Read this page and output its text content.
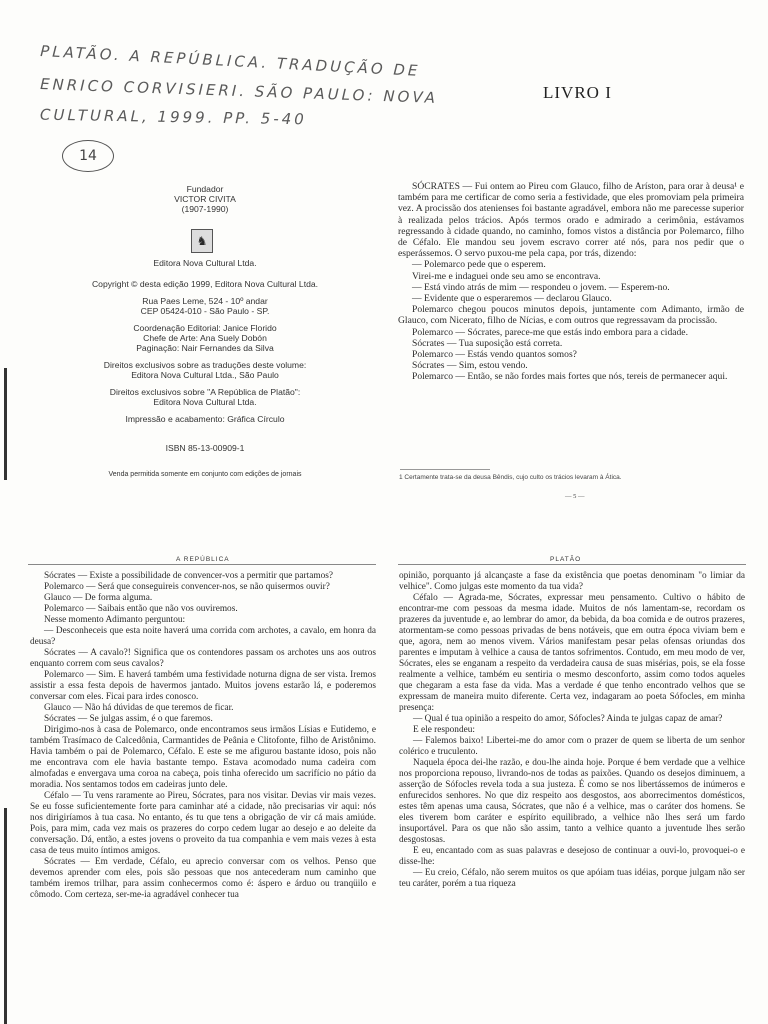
PLATÃO. A REPÚBLICA. TRADUÇÃO DE
ENRICO CORVISIERI. SÃO PAULO: NOVA
CULTURAL, 1999. PP. 5-40
14
Fundador
VICTOR CIVITA
(1907-1990)
♞
Editora Nova Cultural Ltda.
Copyright © desta edição 1999, Editora Nova Cultural Ltda.
Rua Paes Leme, 524 - 10º andar
CEP 05424-010 - São Paulo - SP.
Coordenação Editorial: Janice Florido
Chefe de Arte: Ana Suely Dobón
Paginação: Nair Fernandes da Silva
Direitos exclusivos sobre as traduções deste volume:
Editora Nova Cultural Ltda., São Paulo
Direitos exclusivos sobre "A República de Platão":
Editora Nova Cultural Ltda.
Impressão e acabamento: Gráfica Círculo
ISBN 85-13-00909-1
Venda permitida somente em conjunto com edições de jornais
LIVRO I

SÓCRATES — Fui ontem ao Pireu com Glauco, filho de Aríston, para orar à deusa¹ e também para me certificar de como seria a festividade, que eles promoviam pela primeira vez. A procissão dos atenienses foi bastante agradável, embora não me parecesse superior à realizada pelos trácios. Após termos orado e admirado a cerimônia, estávamos regressando à cidade quando, no caminho, fomos vistos a distância por Polemarco, filho de Céfalo. Ele mandou seu jovem escravo correr até nós, para nos pedir que o esperássemos. O servo puxou-me pela capa, por trás, dizendo:

— Polemarco pede que o esperem.

Virei-me e indaguei onde seu amo se encontrava.

— Está vindo atrás de mim — respondeu o jovem. — Esperem-no.

— Evidente que o esperaremos — declarou Glauco.

Polemarco chegou poucos minutos depois, juntamente com Adimanto, irmão de Glauco, com Nicerato, filho de Nícias, e com outros que regressavam da procissão.

Polemarco — Sócrates, parece-me que estás indo embora para a cidade.

Sócrates — Tua suposição está correta.

Polemarco — Estás vendo quantos somos?

Sócrates — Sim, estou vendo.

Polemarco — Então, se não fordes mais fortes que nós, tereis de permanecer aqui.

1 Certamente trata-se da deusa Bêndis, cujo culto os trácios levaram à Ática.
— 5 —
A REPÚBLICA

Sócrates — Existe a possibilidade de convencer-vos a permitir que partamos?

Polemarco — Será que conseguireis convencer-nos, se não quisermos ouvir?

Glauco — De forma alguma.

Polemarco — Saibais então que não vos ouviremos.

Nesse momento Adimanto perguntou:

— Desconheceis que esta noite haverá uma corrida com archotes, a cavalo, em honra da deusa?

Sócrates — A cavalo?! Significa que os contendores passam os archotes uns aos outros enquanto correm com seus cavalos?

Polemarco — Sim. E haverá também uma festividade noturna digna de ser vista. Iremos assistir a essa festa depois de havermos jantado. Muitos jovens estarão lá, e poderemos conversar com eles. Ficai para irdes conosco.

Glauco — Não há dúvidas de que teremos de ficar.

Sócrates — Se julgas assim, é o que faremos.

Dirigimo-nos à casa de Polemarco, onde encontramos seus irmãos Lísias e Eutidemo, e também Trasímaco de Calcedônia, Carmantides de Peânia e Clitofonte, filho de Aristônimo. Havia também o pai de Polemarco, Céfalo. E este se me afigurou bastante idoso, pois não me encontrava com ele havia bastante tempo. Estava acomodado numa cadeira com almofadas e envergava uma coroa na cabeça, pois tinha oferecido um sacrifício no pátio da moradia. Nos sentamos todos em cadeiras junto dele.

Céfalo — Tu vens raramente ao Pireu, Sócrates, para nos visitar. Devias vir mais vezes. Se eu fosse suficientemente forte para caminhar até a cidade, não precisarias vir aqui: nós nos dirigiríamos à tua casa. No entanto, és tu que tens a obrigação de vir cá mais amiúde. Pois, para mim, cada vez mais os prazeres do corpo cedem lugar ao desejo e ao deleite da conversação. Dá, então, a estes jovens o proveito da tua companhia e vem mais vezes à esta casa de teus muito íntimos amigos.

Sócrates — Em verdade, Céfalo, eu aprecio conversar com os velhos. Penso que devemos aprender com eles, pois são pessoas que nos antecederam num caminho que também iremos trilhar, para assim conhecermos como é: áspero e árduo ou tranqüilo e cômodo. Com certeza, ser-me-ia agradável conhecer tua

PLATÃO

opinião, porquanto já alcançaste a fase da existência que poetas denominam "o limiar da velhice". Como julgas este momento da tua vida?

Céfalo — Agrada-me, Sócrates, expressar meu pensamento. Cultivo o hábito de encontrar-me com pessoas da mesma idade. Muitos de nós lamentam-se, recordam os prazeres da juventude e, ao lembrar do amor, da bebida, da boa comida e de outros prazeres, atormentam-se como pessoas privadas de bens notáveis, que em outra época viviam bem e que, agora, nem ao menos vivem. Vários manifestam pesar pelas ofensas oriundas dos parentes e imputam à velhice a causa de tantos sofrimentos. Contudo, em meu modo de ver, Sócrates, eles se enganam a respeito da verdadeira causa de suas misérias, pois, se ela fosse realmente a velhice, também eu sentiria o mesmo desconforto, assim como todos aqueles que chegaram a esta fase da vida. Mas a verdade é que tenho encontrado velhos que se expressam de maneira muito diferente. Certa vez, indagaram ao poeta Sófocles, em minha presença:

— Qual é tua opinião a respeito do amor, Sófocles? Ainda te julgas capaz de amar?

E ele respondeu:

— Falemos baixo! Libertei-me do amor com o prazer de quem se liberta de um senhor colérico e truculento.

Naquela época dei-lhe razão, e dou-lhe ainda hoje. Porque é bem verdade que a velhice nos proporciona repouso, livrando-nos de todas as paixões. Quando os desejos diminuem, a asserção de Sófocles revela toda a sua justeza. É como se nos libertássemos de inúmeros e enfurecidos senhores. No que diz respeito aos desgostos, aos aborrecimentos domésticos, estes têm apenas uma causa, Sócrates, que não é a velhice, mas o caráter dos homens. Se eles tiverem bom caráter e espírito equilibrado, a velhice não lhes será um fardo insuportável. Para os que não são assim, tanto a velhice quanto a juventude lhes serão desgostosas.

E eu, encantado com as suas palavras e desejoso de continuar a ouvi-lo, provoquei-o e disse-lhe:

— Eu creio, Céfalo, não serem muitos os que apóiam tuas idéias, porque julgam não ser teu caráter, porém a tua riqueza
